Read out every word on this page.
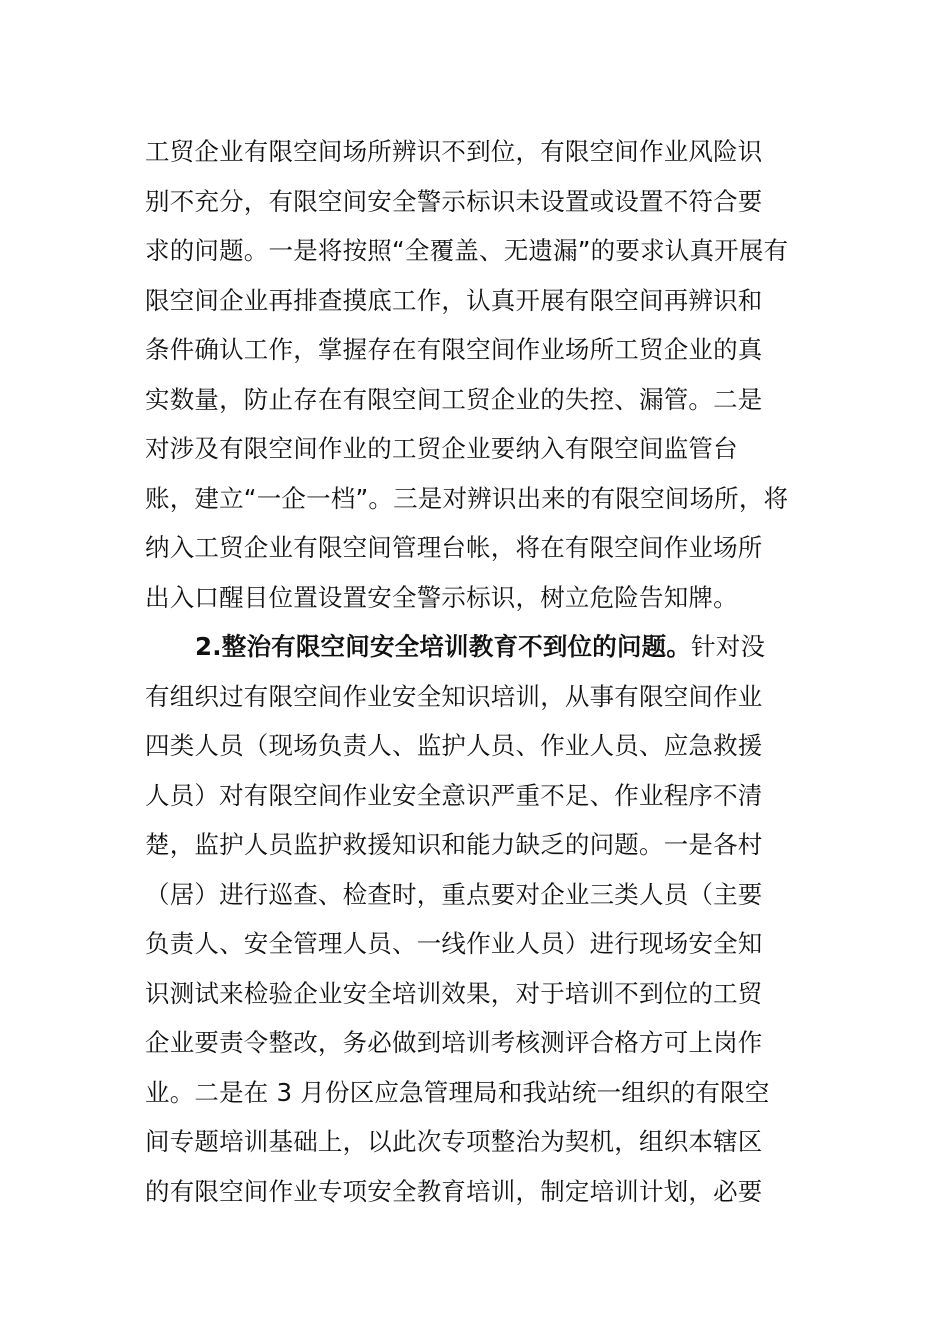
工贸企业有限空间场所辨识不到位，有限空间作业风险识
别不充分，有限空间安全警示标识未设置或设置不符合要
求的问题。一是将按照“全覆盖、无遗漏”的要求认真开展有
限空间企业再排查摸底工作，认真开展有限空间再辨识和
条件确认工作，掌握存在有限空间作业场所工贸企业的真
实数量，防止存在有限空间工贸企业的失控、漏管。二是
对涉及有限空间作业的工贸企业要纳入有限空间监管台
账，建立“一企一档”。三是对辨识出来的有限空间场所，将
纳入工贸企业有限空间管理台帐，将在有限空间作业场所
出入口醒目位置设置安全警示标识，树立危险告知牌。
2.整治有限空间安全培训教育不到位的问题。针对没
有组织过有限空间作业安全知识培训，从事有限空间作业
四类人员（现场负责人、监护人员、作业人员、应急救援
人员）对有限空间作业安全意识严重不足、作业程序不清
楚，监护人员监护救援知识和能力缺乏的问题。一是各村
（居）进行巡查、检查时，重点要对企业三类人员（主要
负责人、安全管理人员、一线作业人员）进行现场安全知
识测试来检验企业安全培训效果，对于培训不到位的工贸
企业要责令整改，务必做到培训考核测评合格方可上岗作
业。二是在 3 月份区应急管理局和我站统一组织的有限空
间专题培训基础上，以此次专项整治为契机，组织本辖区
的有限空间作业专项安全教育培训，制定培训计划，必要
